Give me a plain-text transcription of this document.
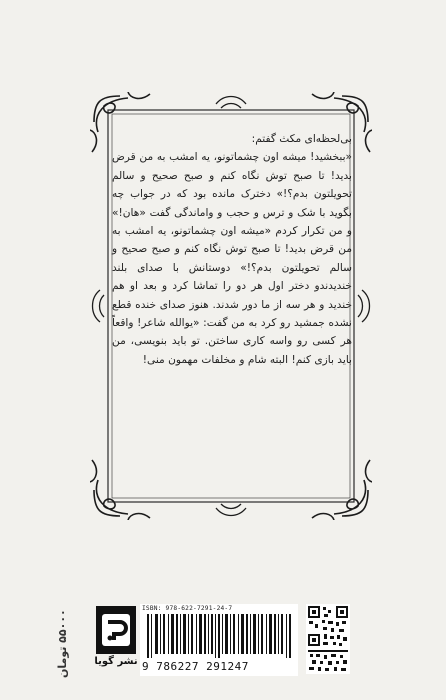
بی‌لحظه‌ای مکث گفتم:

«ببخشید! میشه اون چشماتونو، یه امشب به من قرض بدید! تا صبح توش نگاه کنم و صبح صحیح و سالم تحویلتون بدم؟!» دخترک مانده بود که در جواب چه بگوید با شک و ترس و حجب و واماندگی گفت «هان!» و من تکرار کردم «میشه اون چشماتونو، یه امشب به من قرض بدید! تا صبح توش نگاه کنم و صبح صحیح و سالم تحویلتون بدم؟!» دوستانش با صدای بلند خندیدندو دختر اول هر دو را تماشا کرد و بعد او هم خندید و هر سه از ما دور شدند. هنوز صدای خنده قطع نشده جمشید رو کرد به من گفت: «یوالله شاعر! واقعاً هر کسی رو واسه کاری ساختن. تو باید بنویسی، من باید بازی کنم! البته شام و مخلفات مهمون منی!

۵۵۰۰۰ تومان
نشر گویا
ISBN: 978-622-7291-24-7
9 786227 291247
